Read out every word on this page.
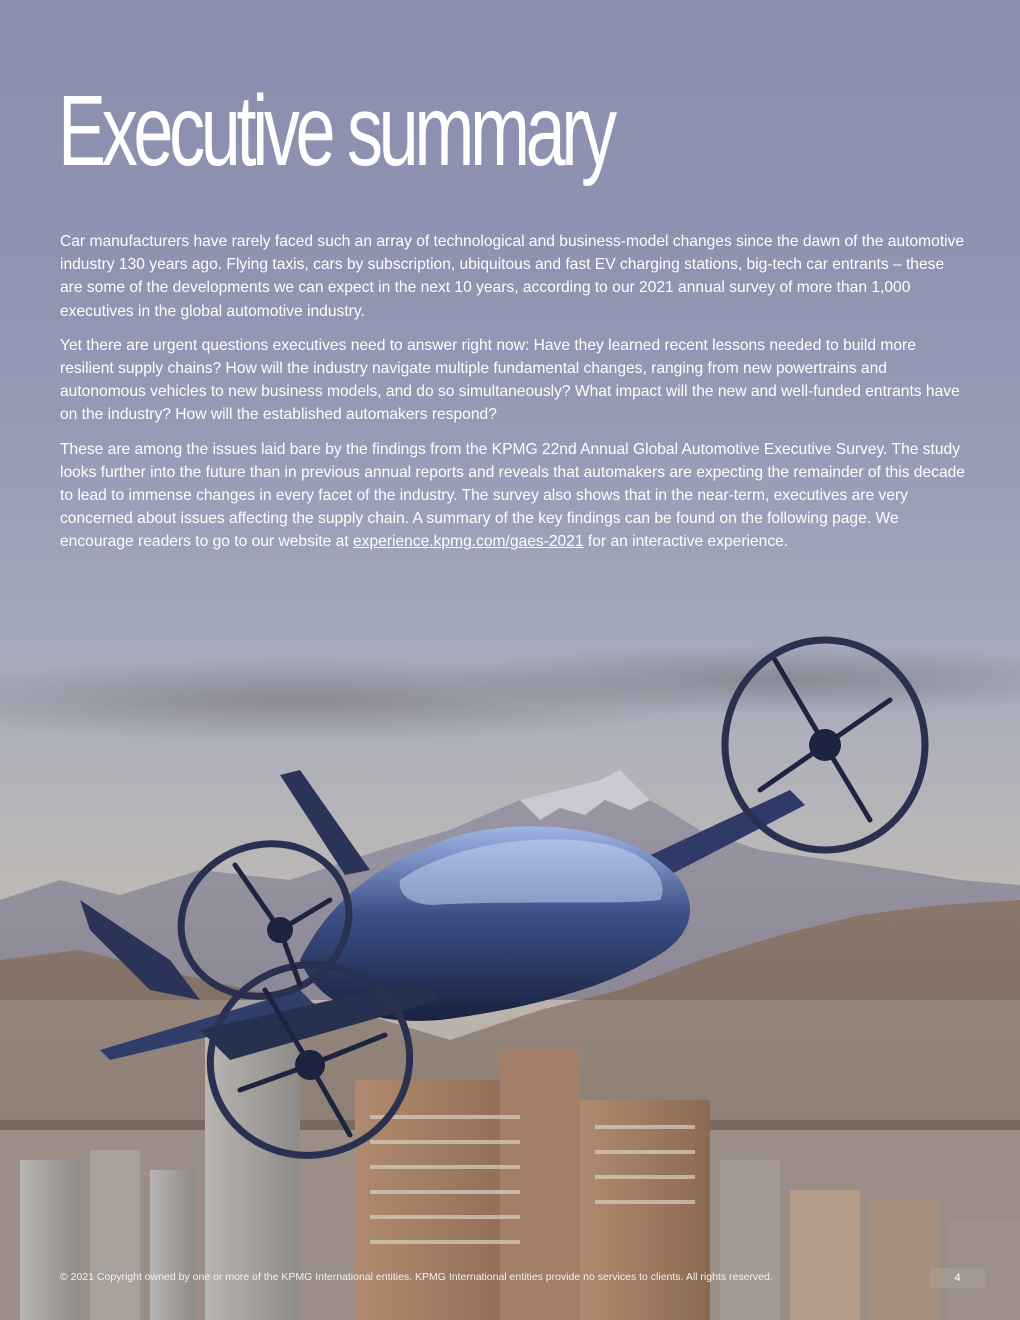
Executive summary

Car manufacturers have rarely faced such an array of technological and business-model changes since the dawn of the automotive industry 130 years ago. Flying taxis, cars by subscription, ubiquitous and fast EV charging stations, big-tech car entrants – these are some of the developments we can expect in the next 10 years, according to our 2021 annual survey of more than 1,000 executives in the global automotive industry.

Yet there are urgent questions executives need to answer right now: Have they learned recent lessons needed to build more resilient supply chains? How will the industry navigate multiple fundamental changes, ranging from new powertrains and autonomous vehicles to new business models, and do so simultaneously? What impact will the new and well-funded entrants have on the industry? How will the established automakers respond?

These are among the issues laid bare by the findings from the KPMG 22nd Annual Global Automotive Executive Survey. The study looks further into the future than in previous annual reports and reveals that automakers are expecting the remainder of this decade to lead to immense changes in every facet of the industry. The survey also shows that in the near-term, executives are very concerned about issues affecting the supply chain. A summary of the key findings can be found on the following page. We encourage readers to go to our website at experience.kpmg.com/gaes-2021 for an interactive experience.

© 2021 Copyright owned by one or more of the KPMG International entities. KPMG International entities provide no services to clients. All rights reserved.	4
